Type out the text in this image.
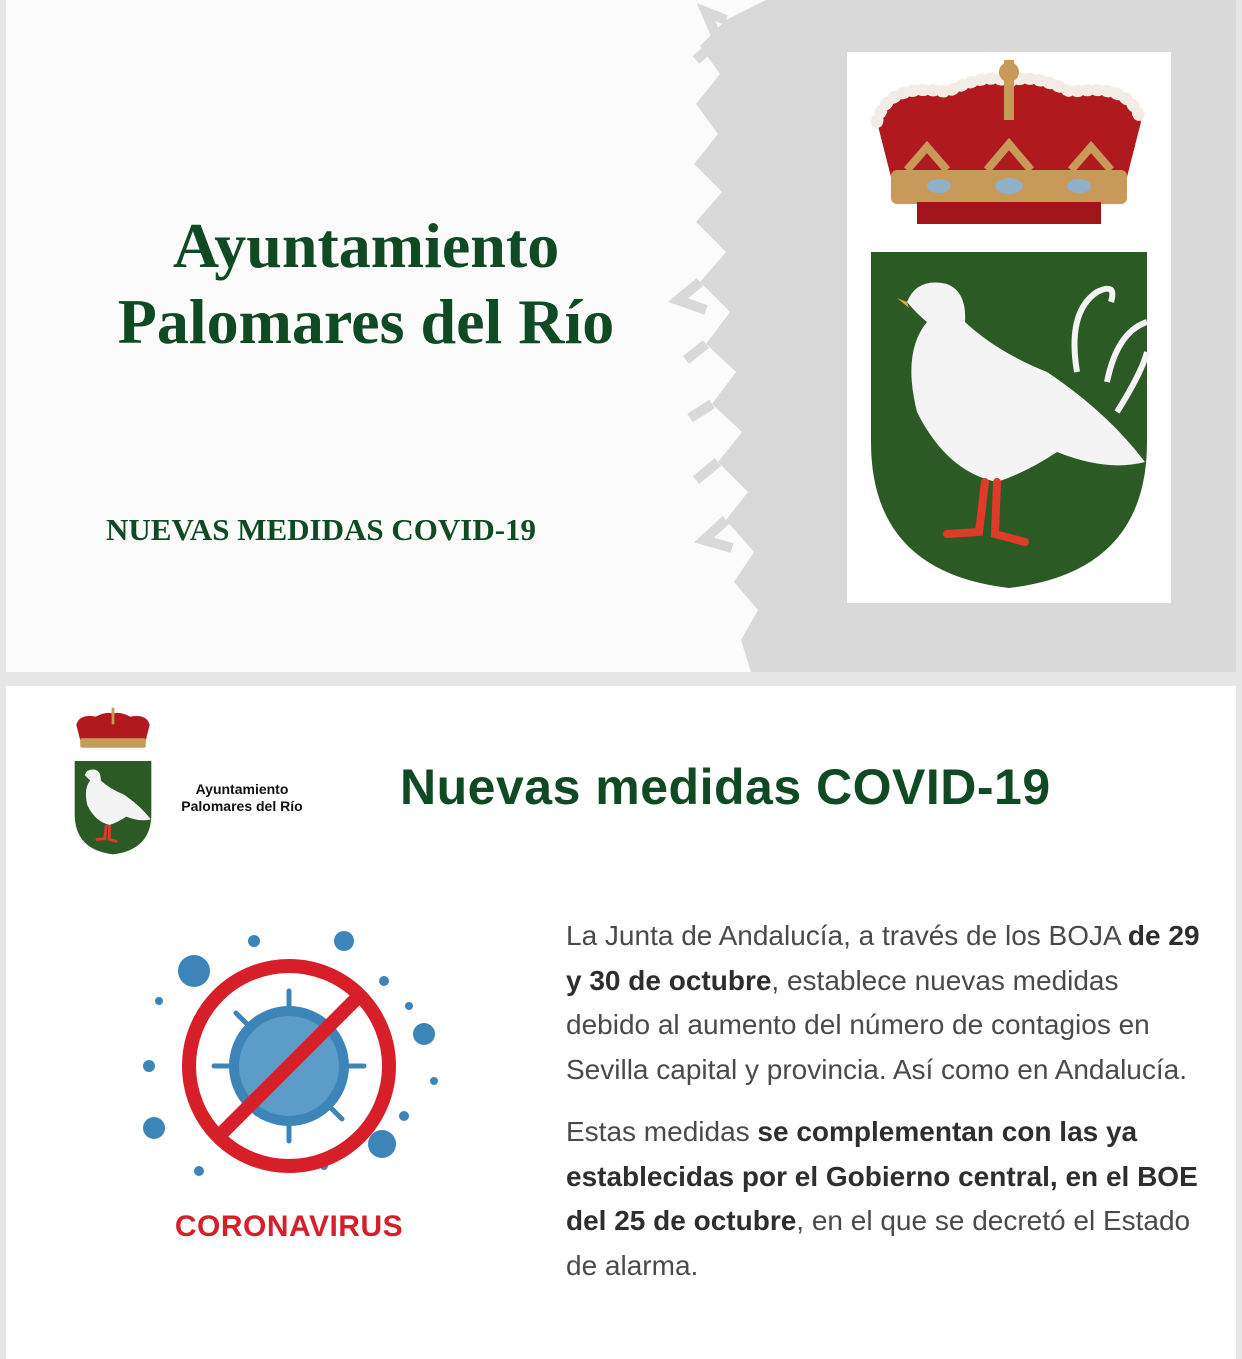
Ayuntamiento
Palomares del Río
NUEVAS MEDIDAS COVID-19
Ayuntamiento
Palomares del Río Nuevas medidas COVID-19
CORONAVIRUS

La Junta de Andalucía, a través de los BOJA de 29 y 30 de octubre, establece nuevas medidas debido al aumento del número de contagios en Sevilla capital y provincia. Así como en Andalucía.

Estas medidas se complementan con las ya establecidas por el Gobierno central, en el BOE del 25 de octubre, en el que se decretó el Estado de alarma.
